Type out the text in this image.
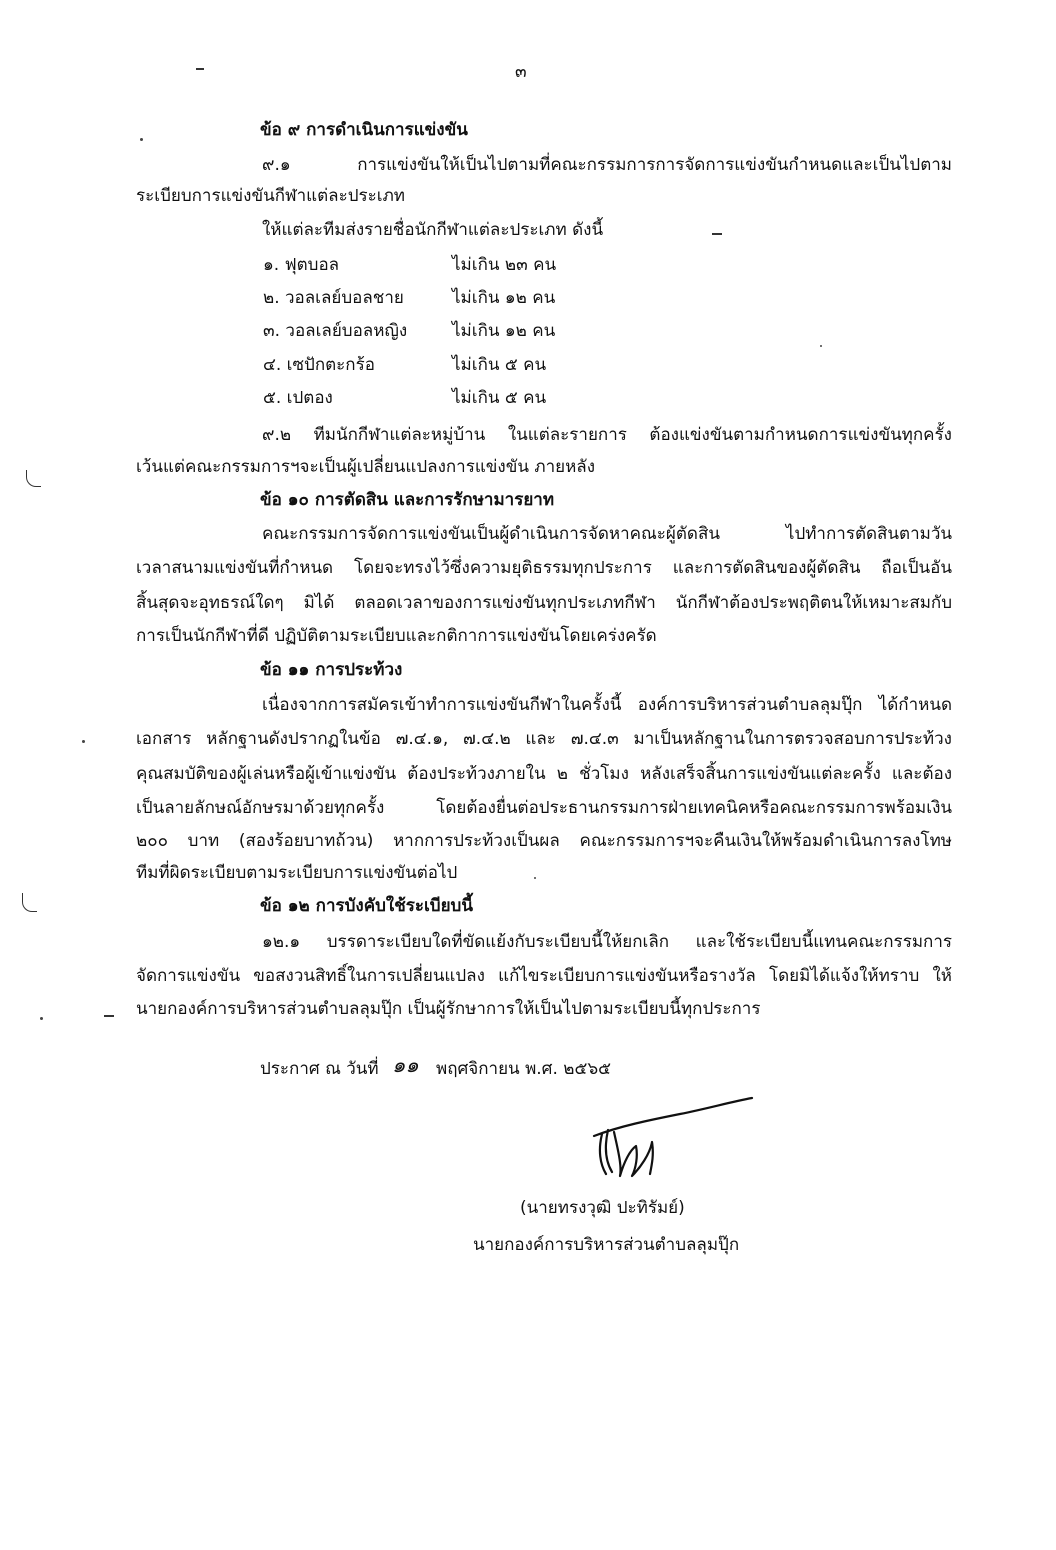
๓
ข้อ ๙ การดำเนินการแข่งขัน
๙.๑ การแข่งขันให้เป็นไปตามที่คณะกรรมการการจัดการแข่งขันกำหนดและเป็นไปตาม
ระเบียบการแข่งขันกีฬาแต่ละประเภท
ให้แต่ละทีมส่งรายชื่อนักกีฬาแต่ละประเภท ดังนี้
๑. ฟุตบอล	ไม่เกิน ๒๓ คน
๒. วอลเลย์บอลชาย	ไม่เกิน ๑๒ คน
๓. วอลเลย์บอลหญิง	ไม่เกิน ๑๒ คน
๔. เซปักตะกร้อ	ไม่เกิน ๕ คน
๕. เปตอง	ไม่เกิน ๕ คน
๙.๒ ทีมนักกีฬาแต่ละหมู่บ้าน ในแต่ละรายการ ต้องแข่งขันตามกำหนดการแข่งขันทุกครั้ง
เว้นแต่คณะกรรมการฯจะเป็นผู้เปลี่ยนแปลงการแข่งขัน ภายหลัง
ข้อ ๑๐ การตัดสิน และการรักษามารยาท
คณะกรรมการจัดการแข่งขันเป็นผู้ดำเนินการจัดหาคณะผู้ตัดสิน ไปทำการตัดสินตามวัน
เวลาสนามแข่งขันที่กำหนด โดยจะทรงไว้ซึ่งความยุติธรรมทุกประการ และการตัดสินของผู้ตัดสิน ถือเป็นอัน
สิ้นสุดจะอุทธรณ์ใดๆ มิได้ ตลอดเวลาของการแข่งขันทุกประเภทกีฬา นักกีฬาต้องประพฤติตนให้เหมาะสมกับ
การเป็นนักกีฬาที่ดี ปฏิบัติตามระเบียบและกติกาการแข่งขันโดยเคร่งครัด
ข้อ ๑๑ การประท้วง
เนื่องจากการสมัครเข้าทำการแข่งขันกีฬาในครั้งนี้ องค์การบริหารส่วนตำบลลุมปุ๊ก ได้กำหนด
เอกสาร หลักฐานดังปรากฏในข้อ ๗.๔.๑, ๗.๔.๒ และ ๗.๔.๓ มาเป็นหลักฐานในการตรวจสอบการประท้วง
คุณสมบัติของผู้เล่นหรือผู้เข้าแข่งขัน ต้องประท้วงภายใน ๒ ชั่วโมง หลังเสร็จสิ้นการแข่งขันแต่ละครั้ง และต้อง
เป็นลายลักษณ์อักษรมาด้วยทุกครั้ง โดยต้องยื่นต่อประธานกรรมการฝ่ายเทคนิคหรือคณะกรรมการพร้อมเงิน
๒๐๐ บาท (สองร้อยบาทถ้วน) หากการประท้วงเป็นผล คณะกรรมการฯจะคืนเงินให้พร้อมดำเนินการลงโทษ
ทีมที่ผิดระเบียบตามระเบียบการแข่งขันต่อไป
ข้อ ๑๒ การบังคับใช้ระเบียบนี้
๑๒.๑ บรรดาระเบียบใดที่ขัดแย้งกับระเบียบนี้ให้ยกเลิก และใช้ระเบียบนี้แทนคณะกรรมการ
จัดการแข่งขัน ขอสงวนสิทธิ์ในการเปลี่ยนแปลง แก้ไขระเบียบการแข่งขันหรือรางวัล โดยมิได้แจ้งให้ทราบ ให้
นายกองค์การบริหารส่วนตำบลลุมปุ๊ก เป็นผู้รักษาการให้เป็นไปตามระเบียบนี้ทุกประการ
ประกาศ ณ วันที่ ๑๑ พฤศจิกายน พ.ศ. ๒๕๖๕
(นายทรงวุฒิ ปะทิรัมย์)
นายกองค์การบริหารส่วนตำบลลุมปุ๊ก
